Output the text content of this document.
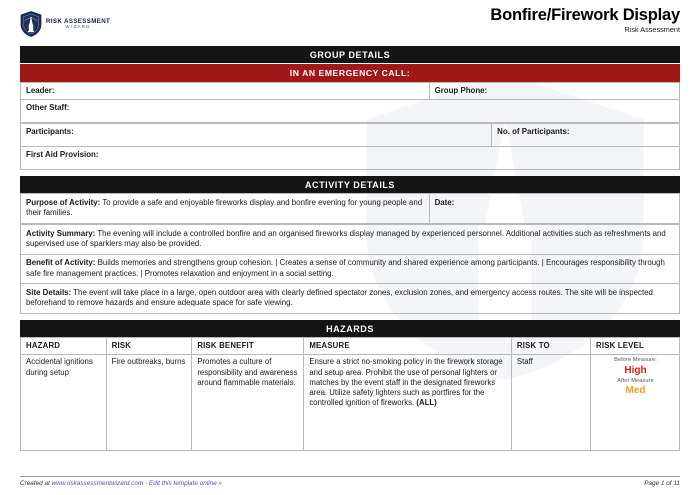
RISK ASSESSMENT
WIZARD
Bonfire/Firework Display
Risk Assessment
GROUP DETAILS
IN AN EMERGENCY CALL:
Leader:	Group Phone:
Other Staff:
Participants:	No. of Participants:
First Aid Provision:
ACTIVITY DETAILS
Purpose of Activity: To provide a safe and enjoyable fireworks display and bonfire evening for young people and their families.	Date:
Activity Summary: The evening will include a controlled bonfire and an organised fireworks display managed by experienced personnel. Additional activities such as refreshments and supervised use of sparklers may also be provided.
Benefit of Activity: Builds memories and strengthens group cohesion. | Creates a sense of community and shared experience among participants. | Encourages responsibility through safe fire management practices. | Promotes relaxation and enjoyment in a social setting.
Site Details: The event will take place in a large, open outdoor area with clearly defined spectator zones, exclusion zones, and emergency access routes. The site will be inspected beforehand to remove hazards and ensure adequate space for safe viewing.
HAZARDS
HAZARD	RISK	RISK BENEFIT	MEASURE	RISK TO	RISK LEVEL
Accidental ignitions during setup	Fire outbreaks, burns	Promotes a culture of responsibility and awareness around flammable materials.	Ensure a strict no-smoking policy in the firework storage and setup area. Prohibit the use of personal lighters or matches by the event staff in the designated fireworks area. Utilize safety lighters such as portfires for the controlled ignition of fireworks. (ALL)	Staff	Before Measure:
High
After Measure
Med
Created at www.riskassessmentwizard.com - Edit this template online »	Page 1 of 11
